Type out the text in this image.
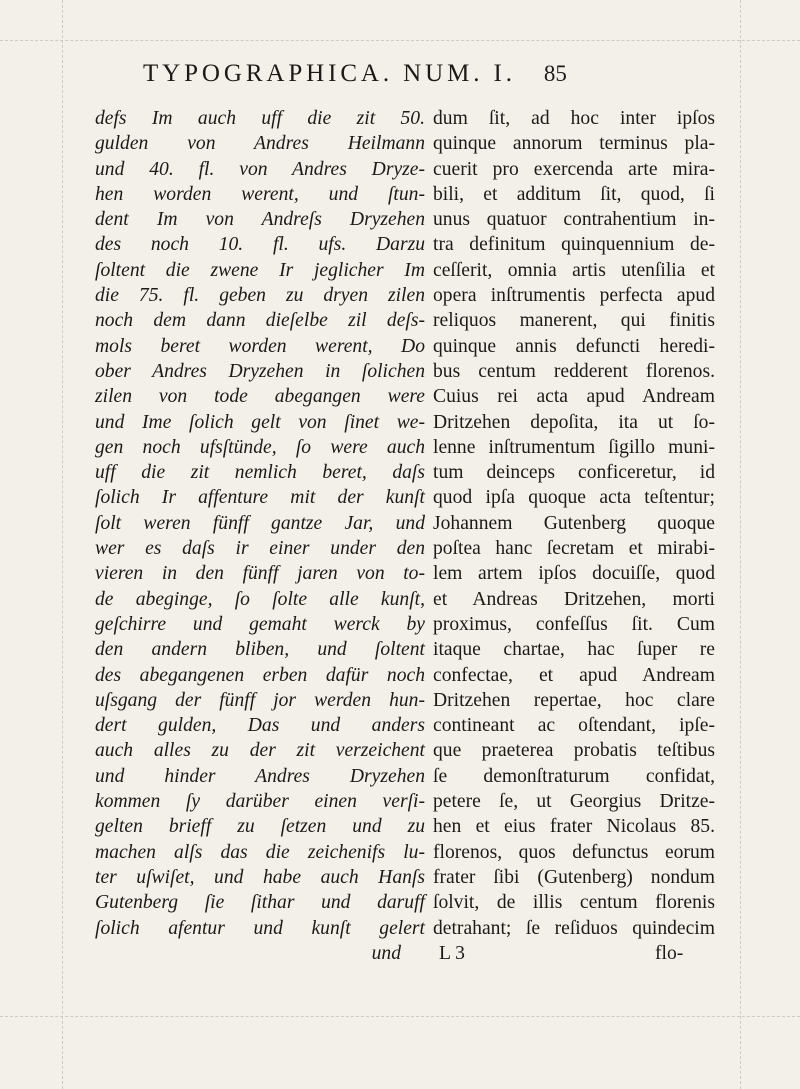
TYPOGRAPHICA. NUM. I. 85
defs Im auch uff die zit 50.
gulden von Andres Heilmann
und 40. fl. von Andres Dryze-
hen worden werent, und ſtun-
dent Im von Andreſs Dryzehen
des noch 10. fl. ufs. Darzu
ſoltent die zwene Ir jeglicher Im
die 75. fl. geben zu dryen zilen
noch dem dann dieſelbe zil deſs-
mols beret worden werent, Do
ober Andres Dryzehen in ſolichen
zilen von tode abegangen were
und Ime ſolich gelt von ſinet we-
gen noch ufsſtünde, ſo were auch
uff die zit nemlich beret, daſs
ſolich Ir affenture mit der kunſt
ſolt weren fünff gantze Jar, und
wer es daſs ir einer under den
vieren in den fünff jaren von to-
de abeginge, ſo ſolte alle kunſt,
geſchirre und gemaht werck by
den andern bliben, und ſoltent
des abegangenen erben dafür noch
uſsgang der fünff jor werden hun-
dert gulden, Das und anders
auch alles zu der zit verzeichent
und hinder Andres Dryzehen
kommen ſy darüber einen verſi-
gelten brieff zu ſetzen und zu
machen alſs das die zeichenifs lu-
ter uſwiſet, und habe auch Hanſs
Gutenberg ſie ſithar und daruff
ſolich afentur und kunſt gelert
und
dum ſit, ad hoc inter ipſos
quinque annorum terminus pla-
cuerit pro exercenda arte mira-
bili, et additum ſit, quod, ſi
unus quatuor contrahentium in-
tra definitum quinquennium de-
ceſſerit, omnia artis utenſilia et
opera inſtrumentis perfecta apud
reliquos manerent, qui finitis
quinque annis defuncti heredi-
bus centum redderent florenos.
Cuius rei acta apud Andream
Dritzehen depoſita, ita ut ſo-
lenne inſtrumentum ſigillo muni-
tum deinceps conficeretur, id
quod ipſa quoque acta teſtentur;
Johannem Gutenberg quoque
poſtea hanc ſecretam et mirabi-
lem artem ipſos docuiſſe, quod
et Andreas Dritzehen, morti
proximus, confeſſus ſit. Cum
itaque chartae, hac ſuper re
confectae, et apud Andream
Dritzehen repertae, hoc clare
contineant ac oſtendant, ipſe-
que praeterea probatis teſtibus
ſe demonſtraturum confidat,
petere ſe, ut Georgius Dritze-
hen et eius frater Nicolaus 85.
florenos, quos defunctus eorum
frater ſibi (Gutenberg) nondum
ſolvit, de illis centum florenis
detrahant; ſe reſiduos quindecim
L 3	flo-
